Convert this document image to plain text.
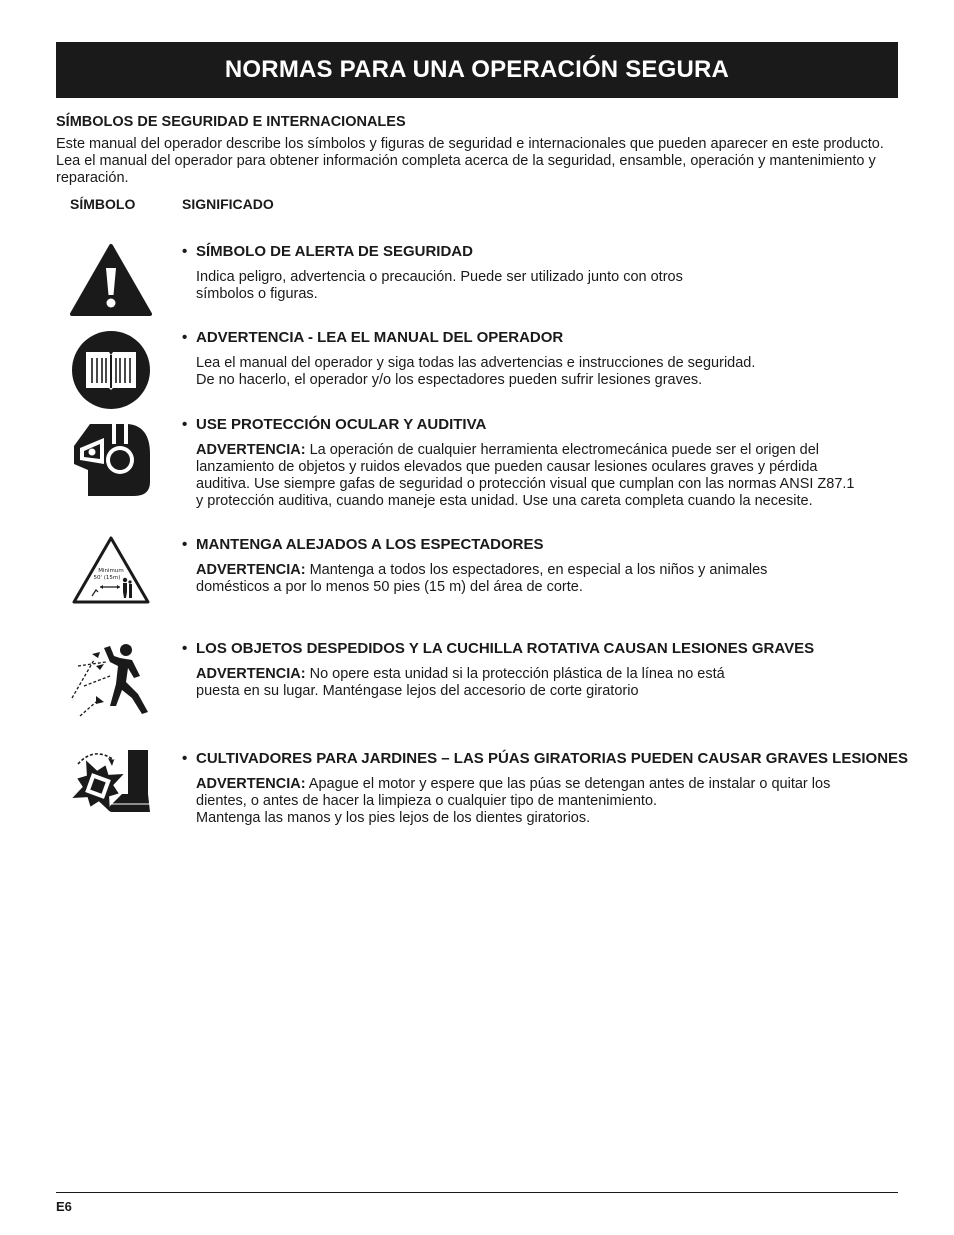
NORMAS PARA UNA OPERACIÓN SEGURA
SÍMBOLOS DE SEGURIDAD E INTERNACIONALES
Este manual del operador describe los símbolos y figuras de seguridad e internacionales que pueden aparecer en este producto. Lea el manual del operador para obtener información completa acerca de la seguridad, ensamble, operación y mantenimiento y reparación.
SÍMBOLO	SIGNIFICADO
Minimum
50' (15m)
• SÍMBOLO DE ALERTA DE SEGURIDAD
Indica peligro, advertencia o precaución. Puede ser utilizado junto con otros
símbolos o figuras.
• ADVERTENCIA - LEA EL MANUAL DEL OPERADOR
Lea el manual del operador y siga todas las advertencias e instrucciones de seguridad.
De no hacerlo, el operador y/o los espectadores pueden sufrir lesiones graves.
• USE PROTECCIÓN OCULAR Y AUDITIVA
ADVERTENCIA: La operación de cualquier herramienta electromecánica puede ser el origen del
lanzamiento de objetos y ruidos elevados que pueden causar lesiones oculares graves y pérdida
auditiva. Use siempre gafas de seguridad o protección visual que cumplan con las normas ANSI Z87.1
y protección auditiva, cuando maneje esta unidad. Use una careta completa cuando la necesite.
• MANTENGA ALEJADOS A LOS ESPECTADORES
ADVERTENCIA: Mantenga a todos los espectadores, en especial a los niños y animales
domésticos a por lo menos 50 pies (15 m) del área de corte.
• LOS OBJETOS DESPEDIDOS Y LA CUCHILLA ROTATIVA CAUSAN LESIONES GRAVES
ADVERTENCIA: No opere esta unidad si la protección plástica de la línea no está
puesta en su lugar. Manténgase lejos del accesorio de corte giratorio
• CULTIVADORES PARA JARDINES – LAS PÚAS GIRATORIAS PUEDEN CAUSAR GRAVES LESIONES
ADVERTENCIA: Apague el motor y espere que las púas se detengan antes de instalar o quitar los
dientes, o antes de hacer la limpieza o cualquier tipo de mantenimiento.
Mantenga las manos y los pies lejos de los dientes giratorios.
E6
